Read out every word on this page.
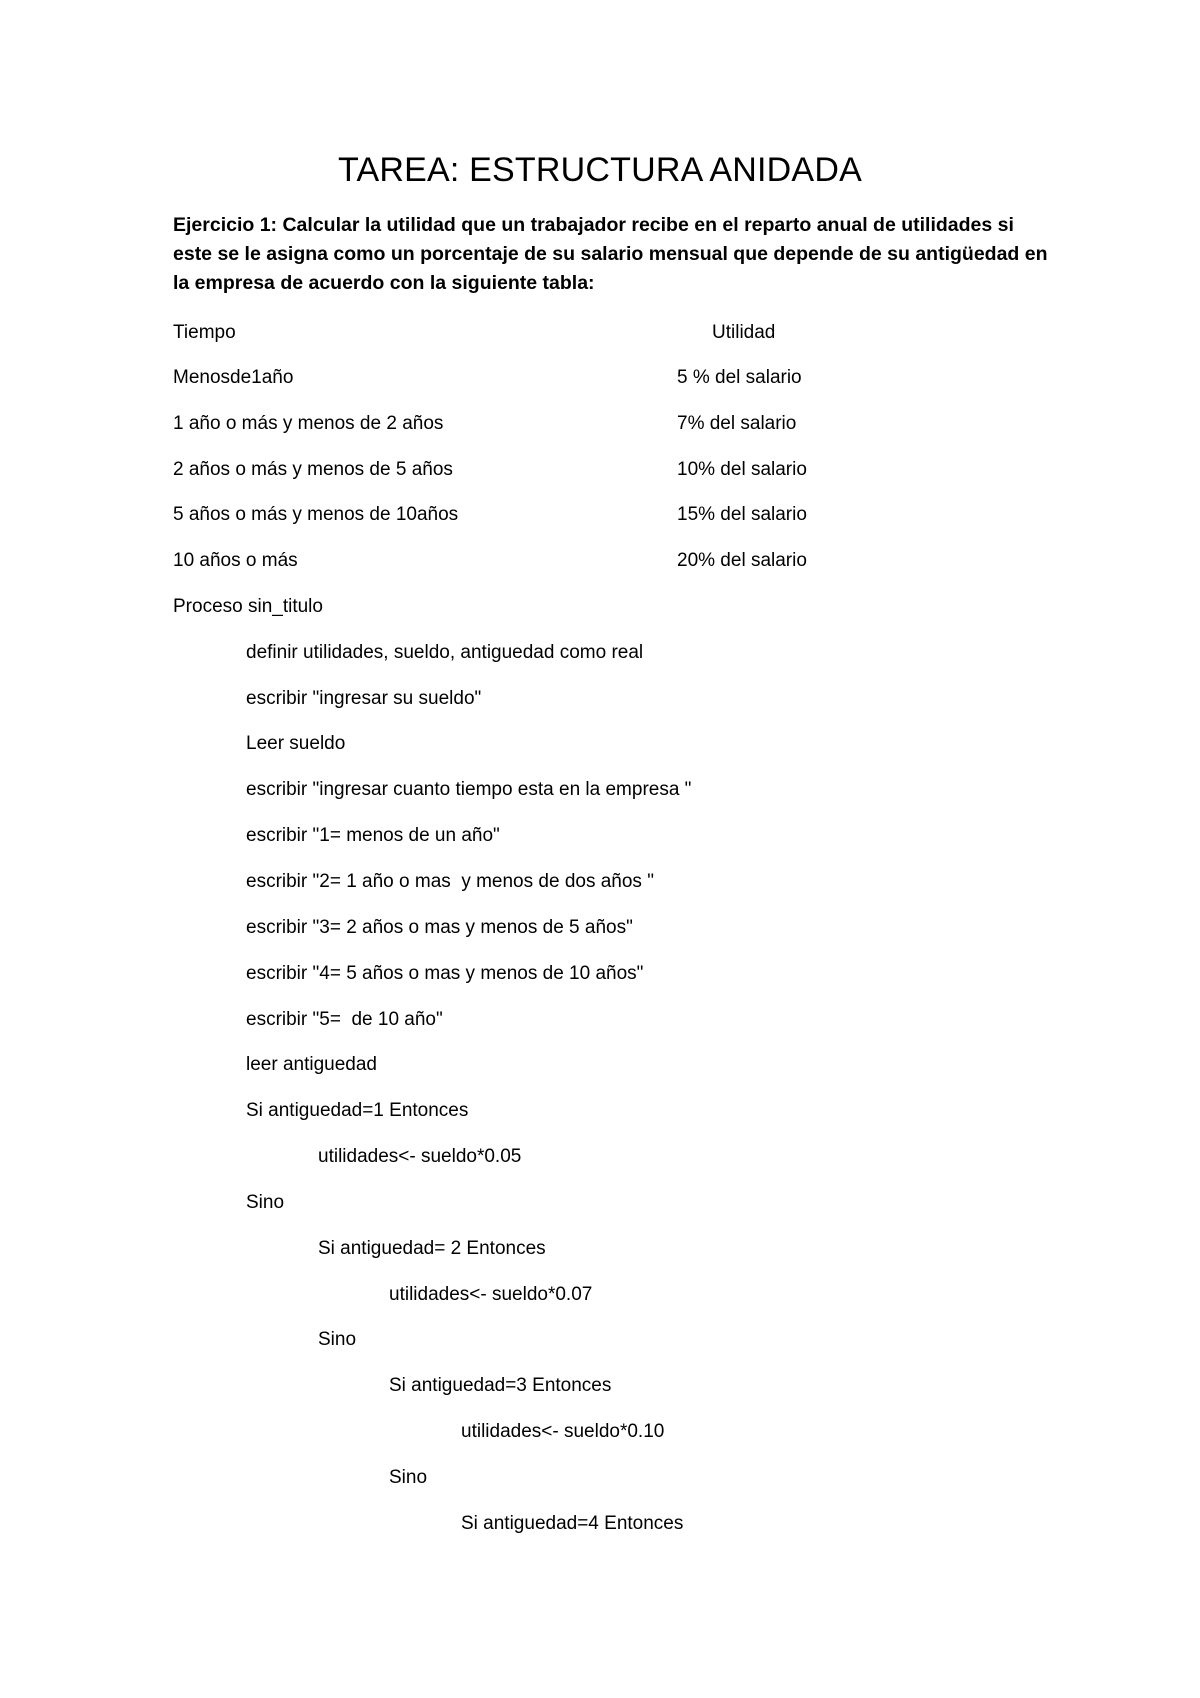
TAREA: ESTRUCTURA ANIDADA

Ejercicio 1: Calcular la utilidad que un trabajador recibe en el reparto anual de utilidades si este se le asigna como un porcentaje de su salario mensual que depende de su antigüedad en la empresa de acuerdo con la siguiente tabla:

Tiempo	Utilidad
Menosde1año	5 % del salario
1 año o más y menos de 2 años	7% del salario
2 años o más y menos de 5 años	10% del salario
5 años o más y menos de 10años	15% del salario
10 años o más	20% del salario
Proceso sin_titulo
definir utilidades, sueldo, antiguedad como real
escribir "ingresar su sueldo"
Leer sueldo
escribir "ingresar cuanto tiempo esta en la empresa "
escribir "1= menos de un año"
escribir "2= 1 año o mas  y menos de dos años "
escribir "3= 2 años o mas y menos de 5 años"
escribir "4= 5 años o mas y menos de 10 años"
escribir "5=  de 10 año"
leer antiguedad
Si antiguedad=1 Entonces
utilidades<- sueldo*0.05
Sino
Si antiguedad= 2 Entonces
utilidades<- sueldo*0.07
Sino
Si antiguedad=3 Entonces
utilidades<- sueldo*0.10
Sino
Si antiguedad=4 Entonces
